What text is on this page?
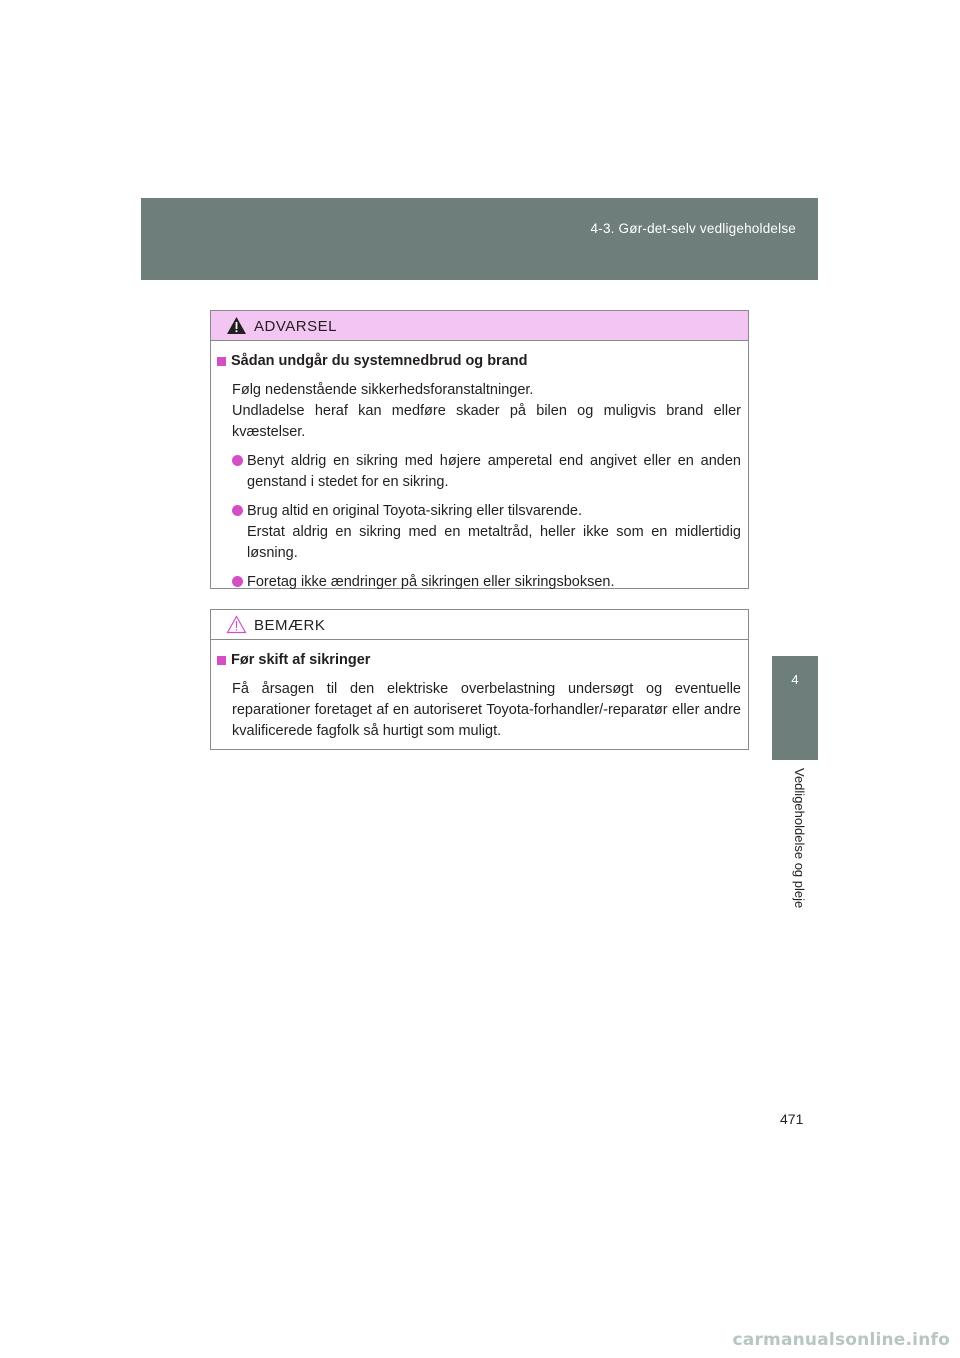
4-3. Gør-det-selv vedligeholdelse
4
Vedligeholdelse og pleje
ADVARSEL
Sådan undgår du systemnedbrud og brand
Følg nedenstående sikkerhedsforanstaltninger.
Undladelse heraf kan medføre skader på bilen og muligvis brand eller kvæstelser.
Benyt aldrig en sikring med højere amperetal end angivet eller en anden genstand i stedet for en sikring.
Brug altid en original Toyota-sikring eller tilsvarende.
Erstat aldrig en sikring med en metaltråd, heller ikke som en midlertidig løsning.
Foretag ikke ændringer på sikringen eller sikringsboksen.
BEMÆRK
Før skift af sikringer
Få årsagen til den elektriske overbelastning undersøgt og eventuelle reparationer foretaget af en autoriseret Toyota-forhandler/-reparatør eller andre kvalificerede fagfolk så hurtigt som muligt.
471
carmanualsonline.info
